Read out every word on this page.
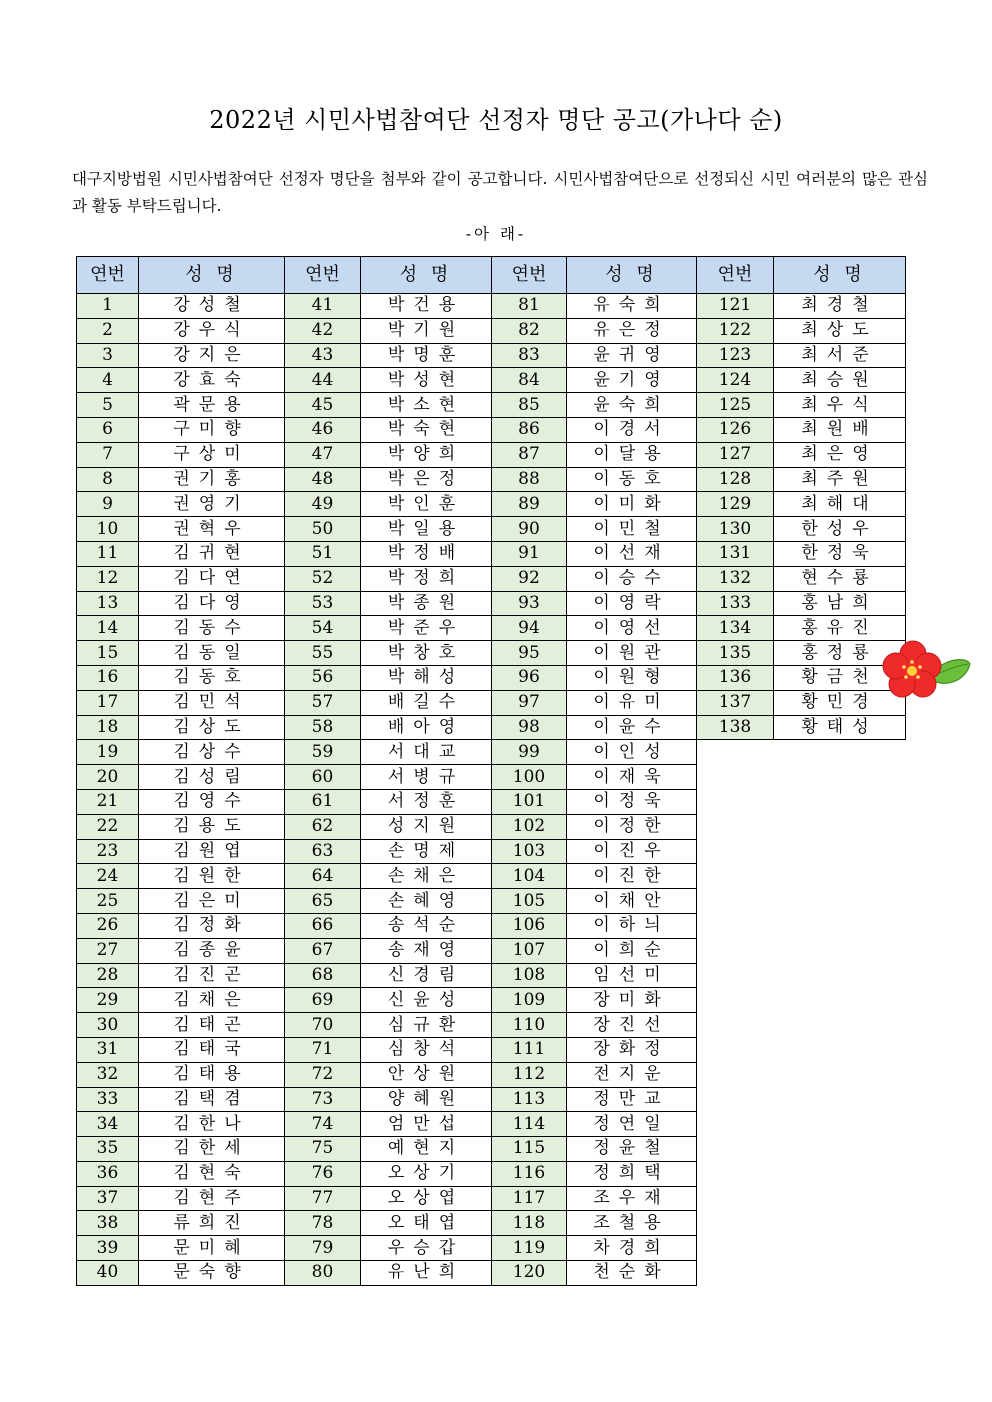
2022년 시민사법참여단 선정자 명단 공고(가나다 순)
대구지방법원 시민사법참여단 선정자 명단을 첨부와 같이 공고합니다. 시민사법참여단으로 선정되신 시민 여러분의 많은 관심과 활동 부탁드립니다.
-아 래-
연번	성 명	연번	성 명	연번	성 명	연번	성 명
1	강성철	41	박건용	81	유숙희	121	최경철
2	강우식	42	박기원	82	유은정	122	최상도
3	강지은	43	박명훈	83	윤귀영	123	최서준
4	강효숙	44	박성현	84	윤기영	124	최승원
5	곽문용	45	박소현	85	윤숙희	125	최우식
6	구미향	46	박숙현	86	이경서	126	최원배
7	구상미	47	박양희	87	이달용	127	최은영
8	권기홍	48	박은정	88	이동호	128	최주원
9	권영기	49	박인훈	89	이미화	129	최해대
10	권혁우	50	박일용	90	이민철	130	한성우
11	김귀현	51	박정배	91	이선재	131	한정욱
12	김다연	52	박정희	92	이승수	132	현수룡
13	김다영	53	박종원	93	이영락	133	홍남희
14	김동수	54	박준우	94	이영선	134	홍유진
15	김동일	55	박창호	95	이원관	135	홍정룡
16	김동호	56	박해성	96	이원형	136	황금천
17	김민석	57	배길수	97	이유미	137	황민경
18	김상도	58	배아영	98	이윤수	138	황태성
19	김상수	59	서대교	99	이인성		
20	김성림	60	서병규	100	이재욱		
21	김영수	61	서정훈	101	이정욱		
22	김용도	62	성지원	102	이정한		
23	김원엽	63	손명제	103	이진우		
24	김원한	64	손채은	104	이진한		
25	김은미	65	손혜영	105	이채안		
26	김정화	66	송석순	106	이하늬		
27	김종윤	67	송재영	107	이희순		
28	김진곤	68	신경림	108	임선미		
29	김채은	69	신윤성	109	장미화		
30	김태곤	70	심규환	110	장진선		
31	김태국	71	심창석	111	장화정		
32	김태용	72	안상원	112	전지운		
33	김택겸	73	양혜원	113	정만교		
34	김한나	74	엄만섭	114	정연일		
35	김한세	75	예현지	115	정윤철		
36	김현숙	76	오상기	116	정희택		
37	김현주	77	오상엽	117	조우재		
38	류희진	78	오태엽	118	조철용		
39	문미혜	79	우승갑	119	차경희		
40	문숙향	80	유난희	120	천순화		
